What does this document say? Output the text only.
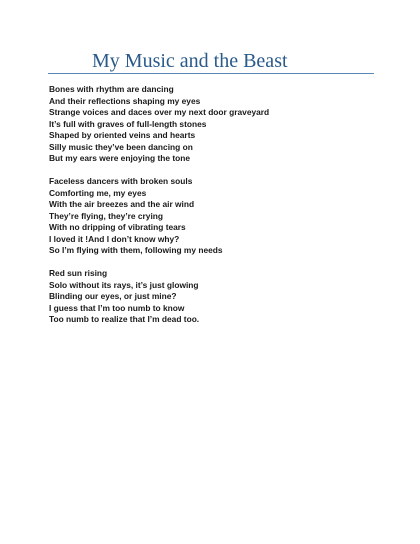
My Music and the Beast
Bones with rhythm are dancing
And their reflections shaping my eyes
Strange voices and daces over my next door graveyard
It’s full with graves of full-length stones
Shaped by oriented veins and hearts
Silly music they’ve been dancing on
But my ears were enjoying the tone
Faceless dancers with broken souls
Comforting me, my eyes
With the air breezes and the air wind
They’re flying, they’re crying
With no dripping of vibrating tears
I loved it !And I don’t know why?
So I’m flying with them, following my needs
Red sun rising
Solo without its rays, it’s just glowing
Blinding our eyes, or just mine?
I guess that I’m too numb to know
Too numb to realize that I’m dead too.
